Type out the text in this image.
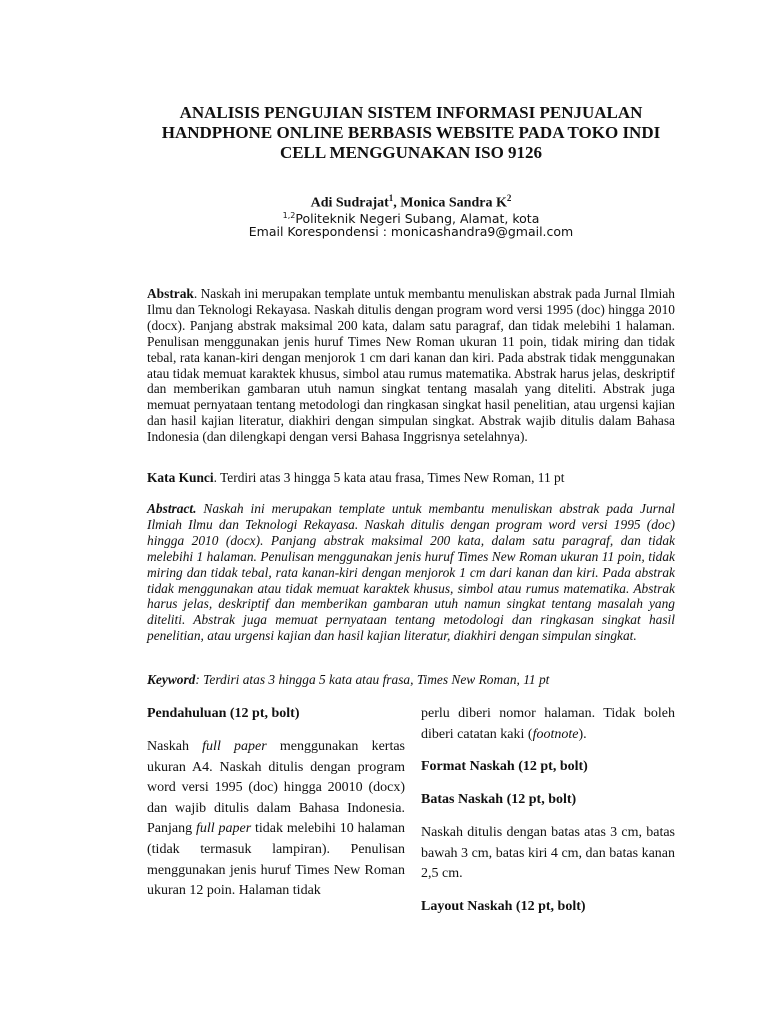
ANALISIS PENGUJIAN SISTEM INFORMASI PENJUALAN HANDPHONE ONLINE BERBASIS WEBSITE PADA TOKO INDI CELL MENGGUNAKAN ISO 9126
Adi Sudrajat$^1$, Monica Sandra $K^2$
$^{1,2}$Politeknik Negeri Subang, Alamat, kota
Email Korespondensi : monicashandra9@gmail.com
Abstrak. Naskah ini merupakan template untuk membantu menuliskan abstrak pada Jurnal Ilmiah Ilmu dan Teknologi Rekayasa. Naskah ditulis dengan program word versi 1995 (doc) hingga 2010 (docx). Panjang abstrak maksimal 200 kata, dalam satu paragraf, dan tidak melebihi 1 halaman. Penulisan menggunakan jenis huruf Times New Roman ukuran 11 poin, tidak miring dan tidak tebal, rata kanan-kiri dengan menjorok 1 cm dari kanan dan kiri. Pada abstrak tidak menggunakan atau tidak memuat karaktek khusus, simbol atau rumus matematika. Abstrak harus jelas, deskriptif dan memberikan gambaran utuh namun singkat tentang masalah yang diteliti. Abstrak juga memuat pernyataan tentang metodologi dan ringkasan singkat hasil penelitian, atau urgensi kajian dan hasil kajian literatur, diakhiri dengan simpulan singkat. Abstrak wajib ditulis dalam Bahasa Indonesia (dan dilengkapi dengan versi Bahasa Inggrisnya setelahnya).
Kata Kunci. Terdiri atas 3 hingga 5 kata atau frasa, Times New Roman, 11 pt
Abstract. Naskah ini merupakan template untuk membantu menuliskan abstrak pada Jurnal Ilmiah Ilmu dan Teknologi Rekayasa. Naskah ditulis dengan program word versi 1995 (doc) hingga 2010 (docx). Panjang abstrak maksimal 200 kata, dalam satu paragraf, dan tidak melebihi 1 halaman. Penulisan menggunakan jenis huruf Times New Roman ukuran 11 poin, tidak miring dan tidak tebal, rata kanan-kiri dengan menjorok 1 cm dari kanan dan kiri. Pada abstrak tidak menggunakan atau tidak memuat karaktek khusus, simbol atau rumus matematika. Abstrak harus jelas, deskriptif dan memberikan gambaran utuh namun singkat tentang masalah yang diteliti. Abstrak juga memuat pernyataan tentang metodologi dan ringkasan singkat hasil penelitian, atau urgensi kajian dan hasil kajian literatur, diakhiri dengan simpulan singkat.
Keyword: Terdiri atas 3 hingga 5 kata atau frasa, Times New Roman, 11 pt
Pendahuluan (12 pt, bolt)
Naskah full paper menggunakan kertas ukuran A4. Naskah ditulis dengan program word versi 1995 (doc) hingga 20010 (docx) dan wajib ditulis dalam Bahasa Indonesia. Panjang full paper tidak melebihi 10 halaman (tidak termasuk lampiran). Penulisan menggunakan jenis huruf Times New Roman ukuran 12 poin. Halaman tidak
perlu diberi nomor halaman. Tidak boleh diberi catatan kaki (footnote).
Format Naskah (12 pt, bolt)
Batas Naskah (12 pt, bolt)
Naskah ditulis dengan batas atas 3 cm, batas bawah 3 cm, batas kiri 4 cm, dan batas kanan 2,5 cm.
Layout Naskah (12 pt, bolt)
